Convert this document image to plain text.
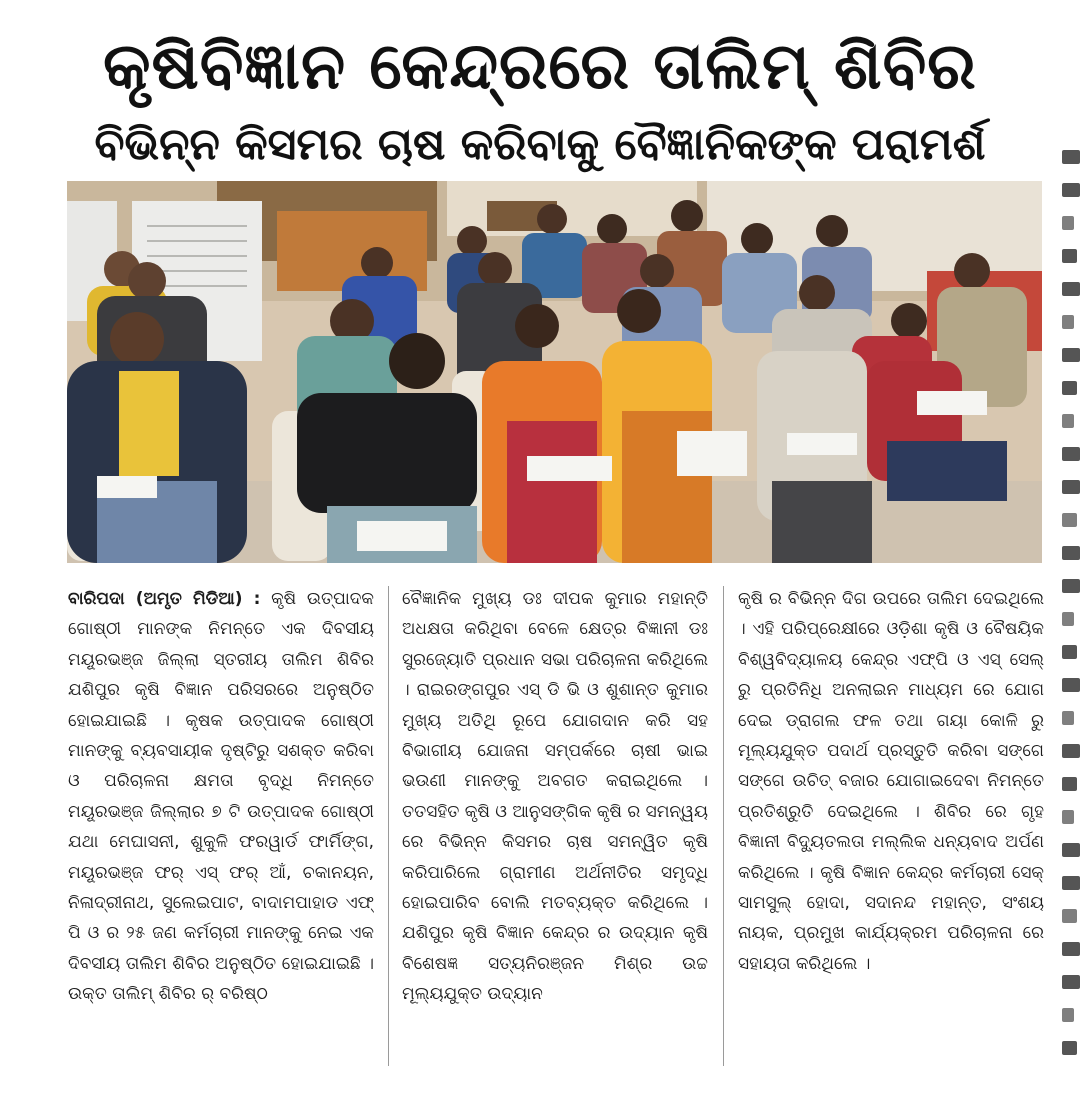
କୃଷିବିଜ୍ଞାନ କେନ୍ଦ୍ରରେ ତାଲିମ୍ ଶିବିର
ବିଭିନ୍ନ କିସମର ଚାଷ କରିବାକୁ ବୈଜ୍ଞାନିକଙ୍କ ପରାମର୍ଶ
ବାରିପଦା (ଅମୃତ ମିଡିଆ) : କୃଷି ଉତ୍ପାଦକ ଗୋଷ୍ଠୀ ମାନଙ୍କ ନିମନ୍ତେ ଏକ ଦିବସୀୟ ମୟୂରଭଞ୍ଜ ଜିଲ୍ଲା ସ୍ତରୀୟ ତାଲିମ ଶିବିର ଯଶିପୁର କୃଷି ବିଜ୍ଞାନ ପରିସରରେ ଅନୁଷ୍ଠିତ ହୋଇଯାଇଛି । କୃଷକ ଉତ୍ପାଦକ ଗୋଷ୍ଠୀ ମାନଙ୍କୁ ବ୍ୟବସାୟୀକ ଦୃଷ୍ଟିରୁ ସଶକ୍ତ କରିବା ଓ ପରିଚାଳନା କ୍ଷମତା ବୃଦ୍ଧି ନିମନ୍ତେ ମୟୂରଭଞ୍ଜ ଜିଲ୍ଲାର ୭ ଟି ଉତ୍ପାଦକ ଗୋଷ୍ଠୀ ଯଥା ମେଘାସନୀ, ଶୁକୁଳି ଫରୱାର୍ଡ ଫାର୍ମିଙ୍ଗ, ମୟୂରଭଞ୍ଜ ଫର୍ ଏସ୍ ଫର୍ ଆଁ, ଚକାନୟନ, ନିଳାଦ୍ରୀନାଥ, ସୁଲେଇପାଟ, ବାଦାମପାହାଡ ଏଫ୍ ପି ଓ ର ୨୫ ଜଣ କର୍ମଚାରୀ ମାନଙ୍କୁ ନେଇ ଏକ ଦିବସୀୟ ତାଲିମ ଶିବିର ଅନୁଷ୍ଠିତ ହୋଇଯାଇଛି । ଉକ୍ତ ତାଲିମ୍ ଶିବିର ର୍ ବରିଷ୍ଠ
ବୈଜ୍ଞାନିକ ମୁଖ୍ୟ ଡଃ ଦୀପକ କୁମାର ମହାନ୍ତି ଅଧକ୍ଷତା କରିଥିବା ବେଳେ କ୍ଷେତ୍ର ବିଜ୍ଞାନୀ ଡଃ ସୁରଜ୍ୟୋତି ପ୍ରଧାନ ସଭା ପରିଚାଳନା କରିଥିଲେ । ରାଇରଙ୍ଗପୁର ଏସ୍ ଡି ଭି ଓ ଶୁଶାନ୍ତ କୁମାର ମୁଖ୍ୟ ଅତିଥି ରୂପେ ଯୋଗଦାନ କରି ସହ ବିଭାଗୀୟ ଯୋଜନା ସମ୍ପର୍କରେ ଚାଷୀ ଭାଇ ଭଉଣୀ ମାନଙ୍କୁ ଅବଗତ କରାଇଥିଲେ । ତତସହିତ କୃଷି ଓ ଆନୁସଙ୍ଗିକ କୃଷି ର ସମନ୍ୱୟ ରେ ବିଭିନ୍ନ କିସମର ଚାଷ ସମନ୍ୱିତ କୃଷି କରିପାରିଲେ ଗ୍ରାମୀଣ ଅର୍ଥନୀତିର ସମୃଦ୍ଧି ହୋଇପାରିବ ବୋଲି ମତବ୍ୟକ୍ତ କରିଥିଲେ । ଯଶିପୁର କୃଷି ବିଜ୍ଞାନ କେନ୍ଦ୍ର ର ଉଦ୍ୟାନ କୃଷି ବିଶେଷଜ୍ଞ ସତ୍ୟନିରଞ୍ଜନ ମିଶ୍ର ଉଚ୍ଚ ମୂଲ୍ୟଯୁକ୍ତ ଉଦ୍ୟାନ
କୃଷି ର ବିଭିନ୍ନ ଦିଗ ଉପରେ ତାଲିମ ଦେଇଥିଲେ । ଏହି ପରିପ୍ରେକ୍ଷୀରେ ଓଡ଼ିଶା କୃଷି ଓ ବୈଷୟିକ ବିଶ୍ୱବିଦ୍ୟାଳୟ କେନ୍ଦ୍ର ଏଫ୍ପି ଓ ଏସ୍ ସେଲ୍ ରୁ ପ୍ରତିନିଧି ଅନଲାଇନ ମାଧ୍ୟମ ରେ ଯୋଗ ଦେଇ ଡ୍ରାଗଲ ଫଳ ତଥା ଗୟା କୋଳି ରୁ ମୂଲ୍ୟଯୁକ୍ତ ପଦାର୍ଥ ପ୍ରସ୍ତୁତି କରିବା ସଙ୍ଗେ ସଙ୍ଗେ ଉଚିତ୍ ବଜାର ଯୋଗାଇଦେବା ନିମନ୍ତେ ପ୍ରତିଶ୍ରୁତି ଦେଇଥିଲେ । ଶିବିର ରେ ଗୃହ ବିଜ୍ଞାନୀ ବିଦ୍ୟୁତଲତା ମଲ୍ଲିକ ଧନ୍ୟବାଦ ଅର୍ପଣ କରିଥିଲେ । କୃଷି ବିଜ୍ଞାନ କେନ୍ଦ୍ର କର୍ମଚାରୀ ସେକ୍ ସାମସୁଲ୍ ହୋଦା, ସଦାନନ୍ଦ ମହାନ୍ତ, ସଂଶୟ ନାୟକ, ପ୍ରମୁଖ କାର୍ଯ୍ୟକ୍ରମ ପରିଚାଳନା ରେ ସହାୟତା କରିଥିଲେ ।
